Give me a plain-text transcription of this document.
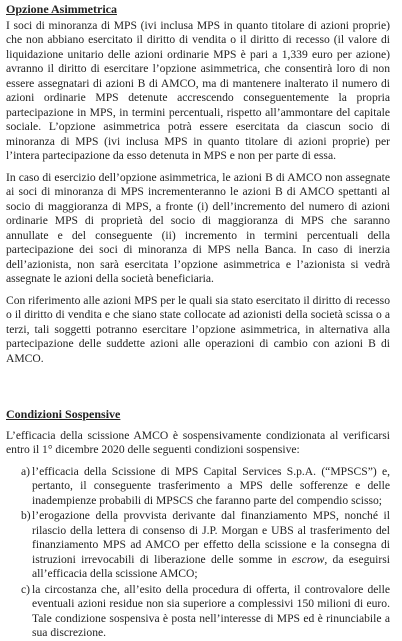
Opzione Asimmetrica

I soci di minoranza di MPS (ivi inclusa MPS in quanto titolare di azioni proprie) che non abbiano esercitato il diritto di vendita o il diritto di recesso (il valore di liquidazione unitario delle azioni ordinarie MPS è pari a 1,339 euro per azione) avranno il diritto di esercitare l’opzione asimmetrica, che consentirà loro di non essere assegnatari di azioni B di AMCO, ma di mantenere inalterato il numero di azioni ordinarie MPS detenute accrescendo conseguentemente la propria partecipazione in MPS, in termini percentuali, rispetto all’ammontare del capitale sociale. L’opzione asimmetrica potrà essere esercitata da ciascun socio di minoranza di MPS (ivi inclusa MPS in quanto titolare di azioni proprie) per l’intera partecipazione da esso detenuta in MPS e non per parte di essa.

In caso di esercizio dell’opzione asimmetrica, le azioni B di AMCO non assegnate ai soci di minoranza di MPS incrementeranno le azioni B di AMCO spettanti al socio di maggioranza di MPS, a fronte (i) dell’incremento del numero di azioni ordinarie MPS di proprietà del socio di maggioranza di MPS che saranno annullate e del conseguente (ii) incremento in termini percentuali della partecipazione dei soci di minoranza di MPS nella Banca. In caso di inerzia dell’azionista, non sarà esercitata l’opzione asimmetrica e l’azionista si vedrà assegnate le azioni della società beneficiaria.

Con riferimento alle azioni MPS per le quali sia stato esercitato il diritto di recesso o il diritto di vendita e che siano state collocate ad azionisti della società scissa o a terzi, tali soggetti potranno esercitare l’opzione asimmetrica, in alternativa alla partecipazione delle suddette azioni alle operazioni di cambio con azioni B di AMCO.

Condizioni Sospensive

L’efficacia della scissione AMCO è sospensivamente condizionata al verificarsi entro il 1° dicembre 2020 delle seguenti condizioni sospensive:

a) l’efficacia della Scissione di MPS Capital Services S.p.A. (“MPSCS”) e, pertanto, il conseguente trasferimento a MPS delle sofferenze e delle inadempienze probabili di MPSCS che faranno parte del compendio scisso;
b) l’erogazione della provvista derivante dal finanziamento MPS, nonché il rilascio della lettera di consenso di J.P. Morgan e UBS al trasferimento del finanziamento MPS ad AMCO per effetto della scissione e la consegna di istruzioni irrevocabili di liberazione delle somme in escrow, da eseguirsi all’efficacia della scissione AMCO;
c) la circostanza che, all’esito della procedura di offerta, il controvalore delle eventuali azioni residue non sia superiore a complessivi 150 milioni di euro. Tale condizione sospensiva è posta nell’interesse di MPS ed è rinunciabile a sua discrezione.
